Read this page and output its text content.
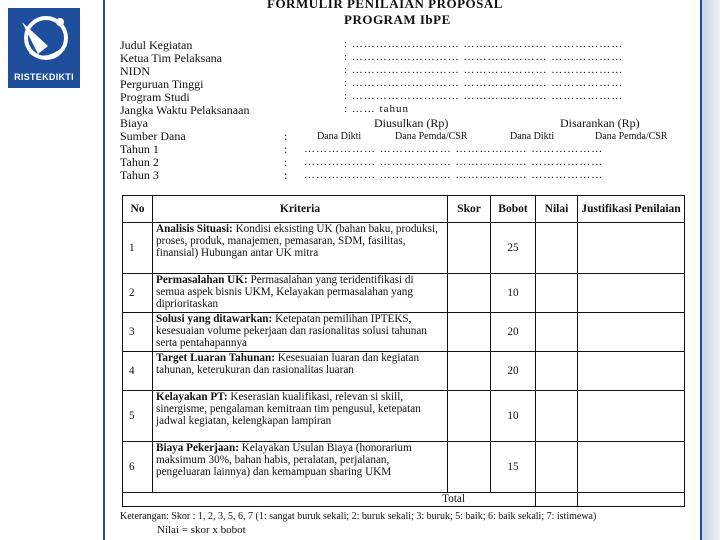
RISTEKDIKTI
FORMULIR PENILAIAN PROPOSAL
PROGRAM IbPE
Judul Kegiatan	: ……………………… ………………… ………………
Ketua Tim Pelaksana	: ……………………… ………………… ………………
NIDN	: ……………………… ………………… ………………
Perguruan Tinggi	: ……………………… ………………… ………………
Program Studi	: ……………………… ………………… ………………
Jangka Waktu Pelaksanaan	: …… tahun
Biaya	Diusulkan (Rp)	Disarankan (Rp)
Sumber Dana	:	Dana Dikti	Dana Pemda/CSR	Dana Dikti	Dana Pemda/CSR
Tahun 1	: ……………… ……………… ……………… ………………
Tahun 2	: ……………… ……………… ……………… ………………
Tahun 3	: ……………… ……………… ……………… ………………
No	Kriteria	Skor	Bobot	Nilai	Justifikasi Penilaian
1	Analisis Situasi: Kondisi eksisting UK (bahan baku, produksi, proses, produk, manajemen, pemasaran, SDM, fasilitas, finansial) Hubungan antar UK mitra		25		
2	Permasalahan UK: Permasalahan yang teridentifikasi di semua aspek bisnis UKM, Kelayakan permasalahan yang diprioritaskan		10		
3	Solusi yang ditawarkan: Ketepatan pemilihan IPTEKS, kesesuaian volume pekerjaan dan rasionalitas solusi tahunan serta pentahapannya		20		
4	Target Luaran Tahunan: Kesesuaian luaran dan kegiatan tahunan, keterukuran dan rasionalitas luaran		20		
5	Kelayakan PT: Keserasian kualifikasi, relevan si skill, sinergisme, pengalaman kemitraan tim pengusul, ketepatan jadwal kegiatan, kelengkapan lampiran		10		
6	Biaya Pekerjaan: Kelayakan Usulan Biaya (honorarium maksimum 30%, bahan habis, peralatan, perjalanan, pengeluaran lainnya) dan kemampuan sharing UKM		15		
Total					
Keterangan: Skor : 1, 2, 3, 5, 6, 7 (1: sangat buruk sekali; 2: buruk sekali; 3: buruk; 5: baik; 6: baik sekali; 7: istimewa)
Nilai = skor x bobot
